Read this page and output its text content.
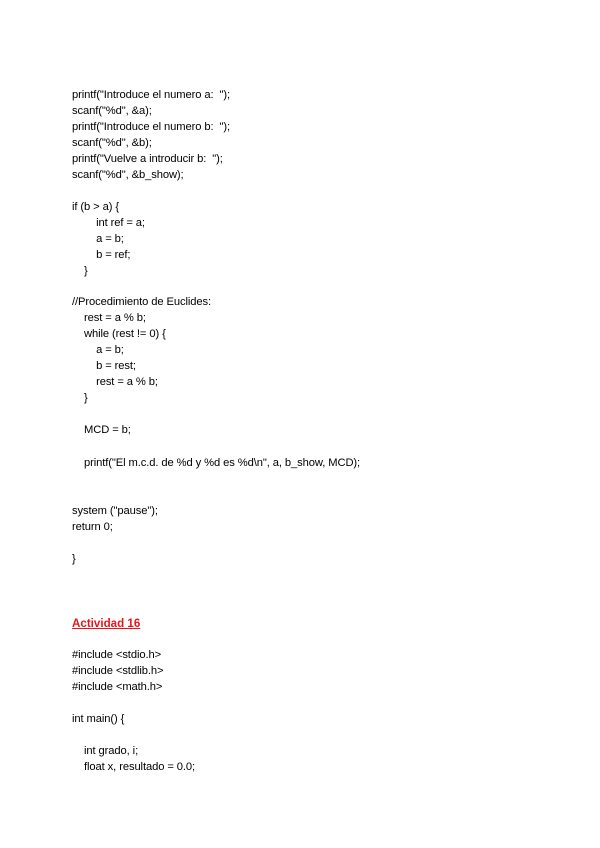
printf("Introduce el numero a:  ");
scanf("%d", &a);
printf("Introduce el numero b:  ");
scanf("%d", &b);
printf("Vuelve a introducir b:  ");
scanf("%d", &b_show);
if (b > a) {
int ref = a;
a = b;
b = ref;
}
//Procedimiento de Euclides:
rest = a % b;
while (rest != 0) {
a = b;
b = rest;
rest = a % b;
}
MCD = b;
printf("El m.c.d. de %d y %d es %d\n", a, b_show, MCD);
system ("pause");
return 0;
}
Actividad 16
#include <stdio.h>
#include <stdlib.h>
#include <math.h>
int main() {
int grado, i;
float x, resultado = 0.0;
